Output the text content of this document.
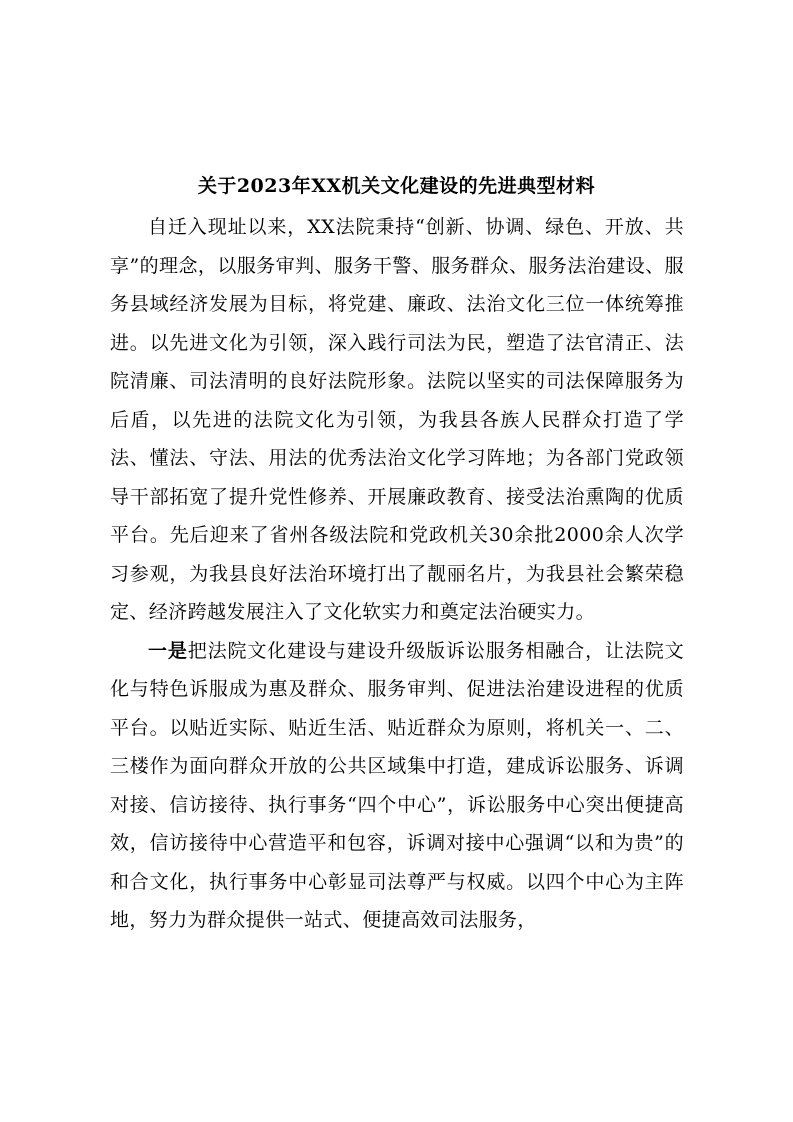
关于2023年XX机关文化建设的先进典型材料

自迁入现址以来，XX法院秉持“创新、协调、绿色、开放、共享”的理念，以服务审判、服务干警、服务群众、服务法治建设、服务县域经济发展为目标，将党建、廉政、法治文化三位一体统筹推进。以先进文化为引领，深入践行司法为民，塑造了法官清正、法院清廉、司法清明的良好法院形象。法院以坚实的司法保障服务为后盾，以先进的法院文化为引领，为我县各族人民群众打造了学法、懂法、守法、用法的优秀法治文化学习阵地；为各部门党政领导干部拓宽了提升党性修养、开展廉政教育、接受法治熏陶的优质平台。先后迎来了省州各级法院和党政机关30余批2000余人次学习参观，为我县良好法治环境打出了靓丽名片，为我县社会繁荣稳定、经济跨越发展注入了文化软实力和奠定法治硬实力。

一是把法院文化建设与建设升级版诉讼服务相融合，让法院文化与特色诉服成为惠及群众、服务审判、促进法治建设进程的优质平台。以贴近实际、贴近生活、贴近群众为原则，将机关一、二、三楼作为面向群众开放的公共区域集中打造，建成诉讼服务、诉调对接、信访接待、执行事务“四个中心”，诉讼服务中心突出便捷高效，信访接待中心营造平和包容，诉调对接中心强调“以和为贵”的和合文化，执行事务中心彰显司法尊严与权威。以四个中心为主阵地，努力为群众提供一站式、便捷高效司法服务，
